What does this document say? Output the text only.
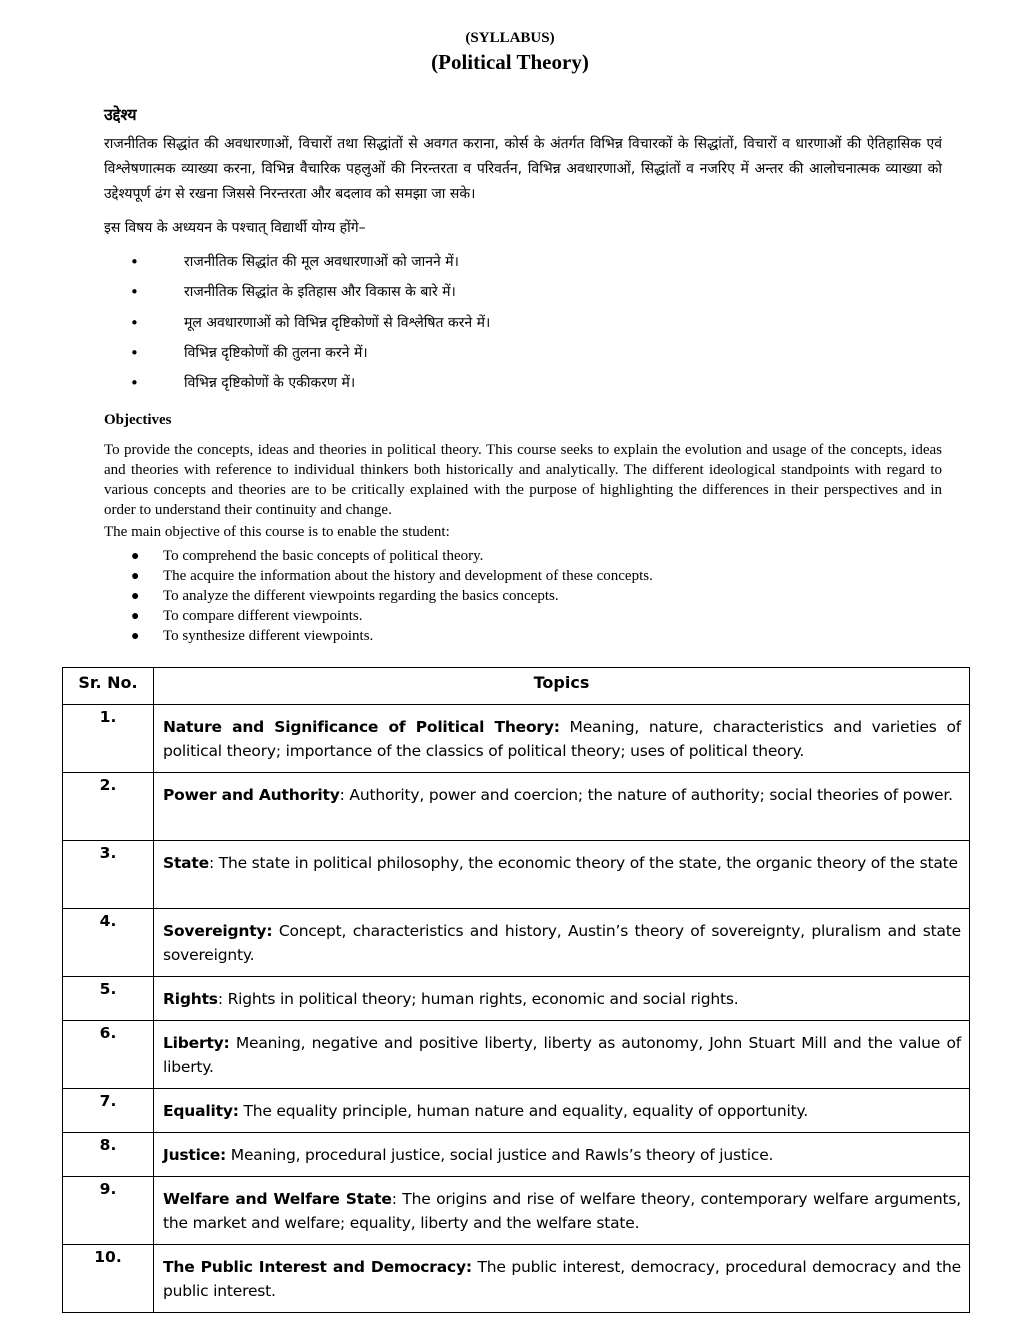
(SYLLABUS)
(Political Theory)
उद्देश्य
राजनीतिक सिद्धांत की अवधारणाओं, विचारों तथा सिद्धांतों से अवगत कराना, कोर्स के अंतर्गत विभिन्न विचारकों के सिद्धांतों, विचारों व धारणाओं की ऐतिहासिक एवं विश्लेषणात्मक व्याख्या करना, विभिन्न वैचारिक पहलुओं की निरन्तरता व परिवर्तन, विभिन्न अवधारणाओं, सिद्धांतों व नजरिए में अन्तर की आलोचनात्मक व्याख्या को उद्देश्यपूर्ण ढंग से रखना जिससे निरन्तरता और बदलाव को समझा जा सके।
इस विषय के अध्ययन के पश्चात् विद्यार्थी योग्य होंगे–
•	राजनीतिक सिद्धांत की मूल अवधारणाओं को जानने में।
•	राजनीतिक सिद्धांत के इतिहास और विकास के बारे में।
•	मूल अवधारणाओं को विभिन्न दृष्टिकोणों से विश्लेषित करने में।
•	विभिन्न दृष्टिकोणों की तुलना करने में।
•	विभिन्न दृष्टिकोणों के एकीकरण में।
Objectives
To provide the concepts, ideas and theories in political theory. This course seeks to explain the evolution and usage of the concepts, ideas and theories with reference to individual thinkers both historically and analytically. The different ideological standpoints with regard to various concepts and theories are to be critically explained with the purpose of highlighting the differences in their perspectives and in order to understand their continuity and change.
The main objective of this course is to enable the student:
● To comprehend the basic concepts of political theory.
● The acquire the information about the history and development of these concepts.
● To analyze the different viewpoints regarding the basics concepts.
● To compare different viewpoints.
● To synthesize different viewpoints.
Sr. No.	Topics
1.	Nature and Significance of Political Theory: Meaning, nature, characteristics and varieties of political theory; importance of the classics of political theory; uses of political theory.
2.	Power and Authority: Authority, power and coercion; the nature of authority; social theories of power.
3.	State: The state in political philosophy, the economic theory of the state, the organic theory of the state
4.	Sovereignty: Concept, characteristics and history, Austin’s theory of sovereignty, pluralism and state sovereignty.
5.	Rights: Rights in political theory; human rights, economic and social rights.
6.	Liberty: Meaning, negative and positive liberty, liberty as autonomy, John Stuart Mill and the value of liberty.
7.	Equality: The equality principle, human nature and equality, equality of opportunity.
8.	Justice: Meaning, procedural justice, social justice and Rawls’s theory of justice.
9.	Welfare and Welfare State: The origins and rise of welfare theory, contemporary welfare arguments, the market and welfare; equality, liberty and the welfare state.
10.	The Public Interest and Democracy: The public interest, democracy, procedural democracy and the public interest.
